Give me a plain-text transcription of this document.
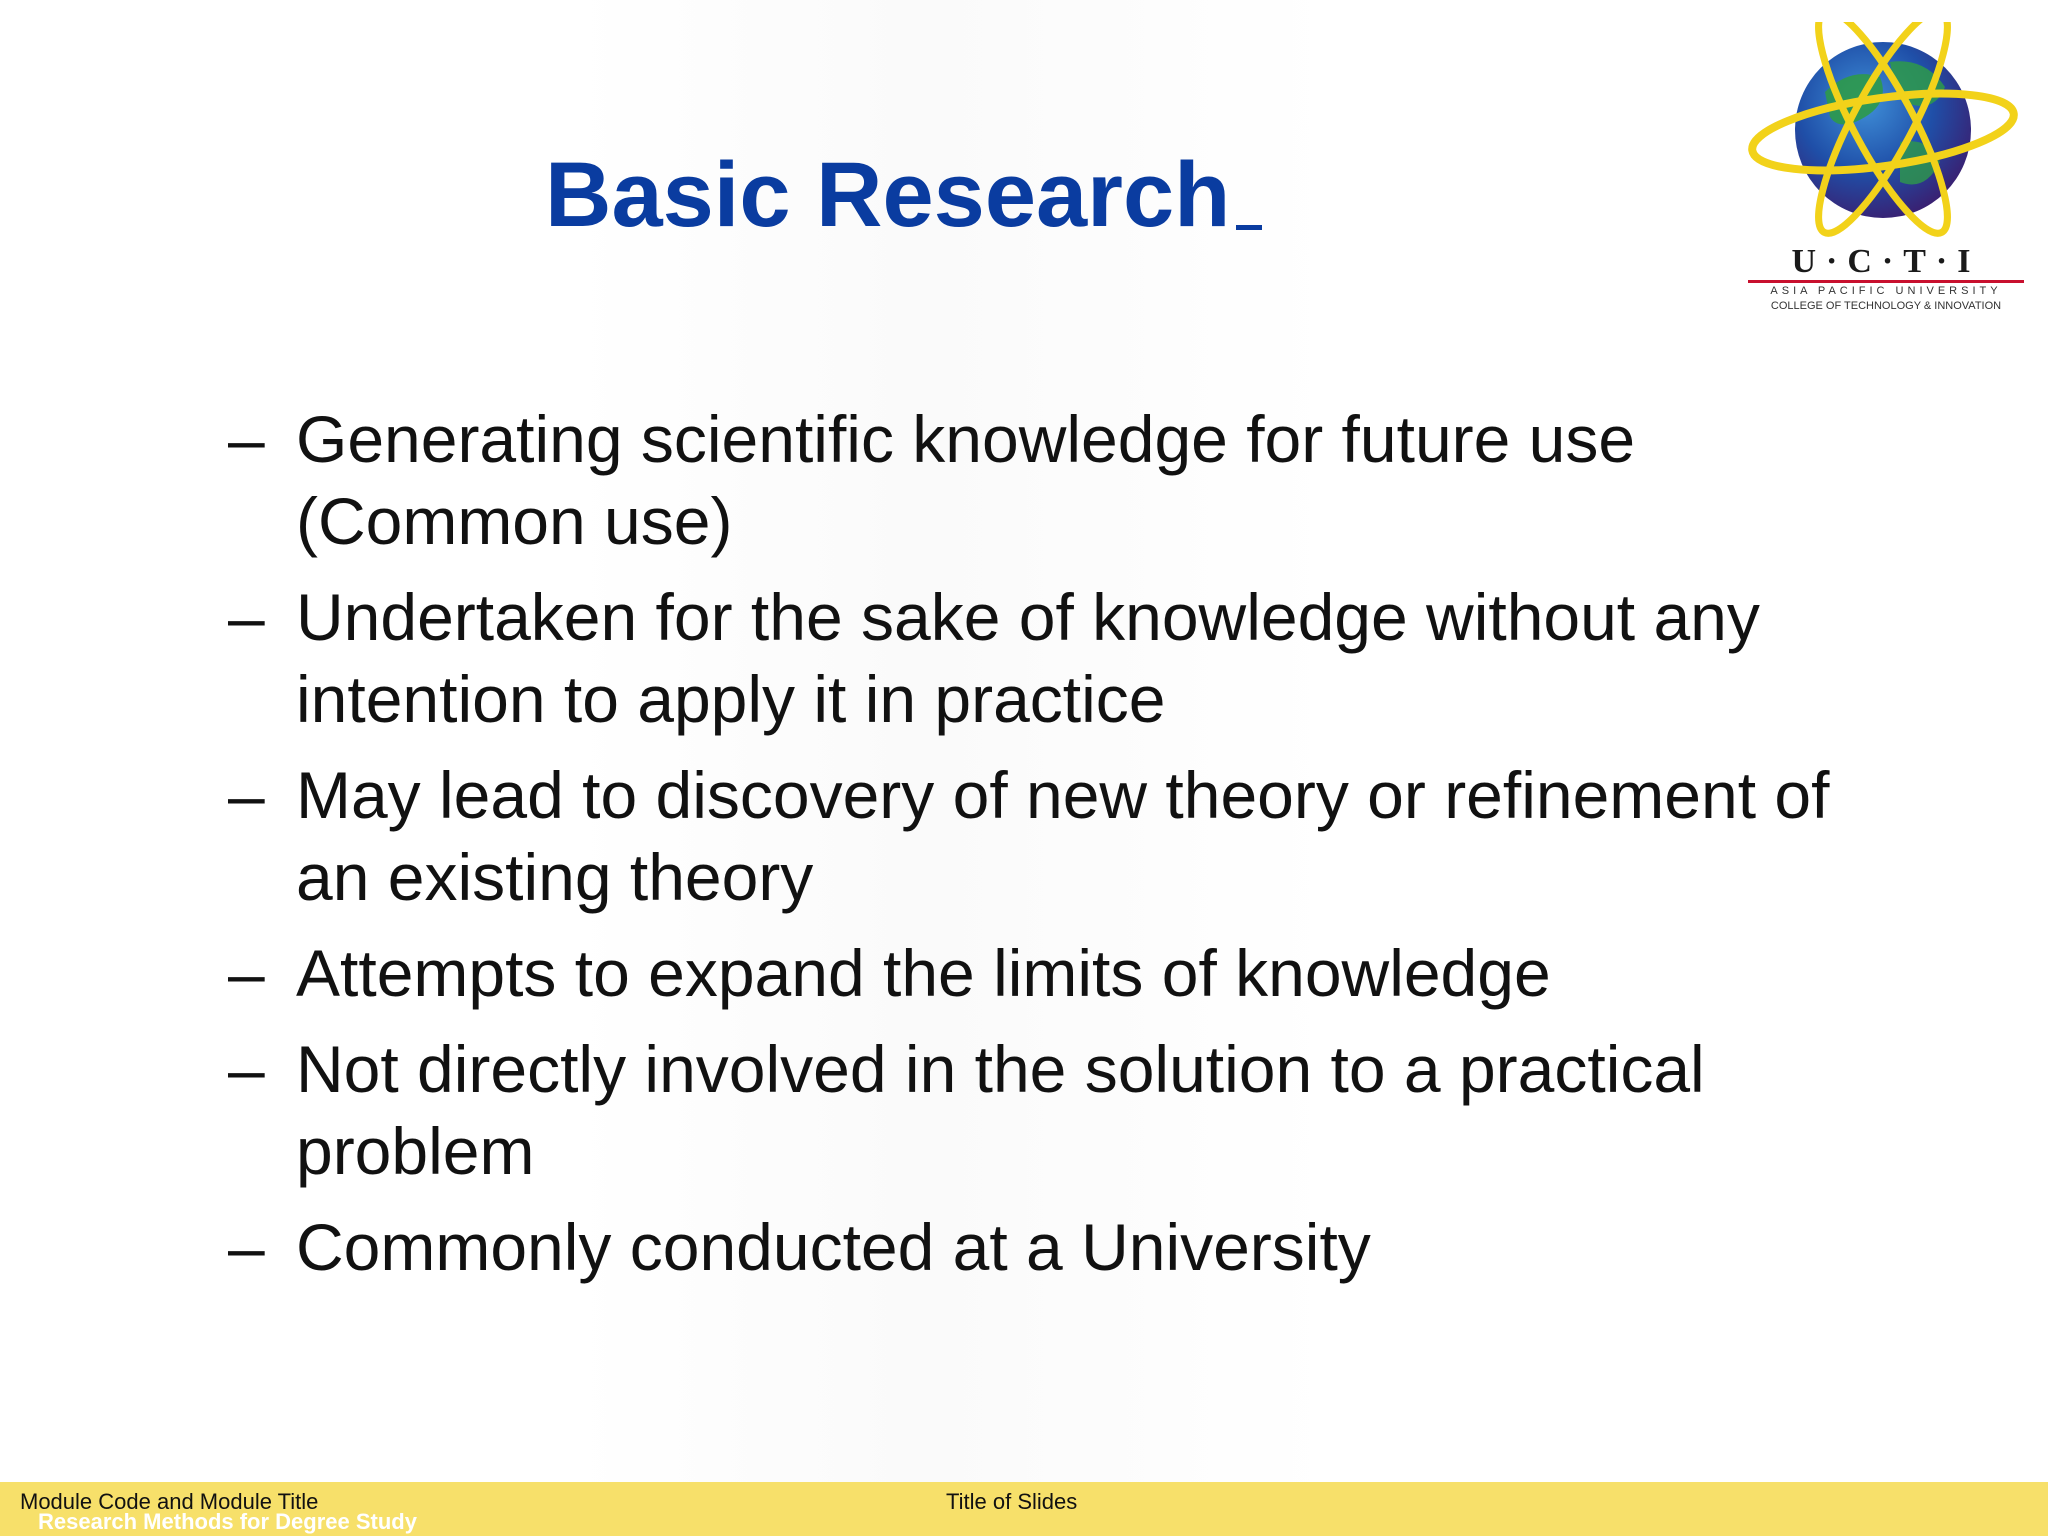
Basic Research
U·C·T·I
ASIA PACIFIC UNIVERSITY
COLLEGE OF TECHNOLOGY & INNOVATION
– Generating scientific knowledge for future use (Common use)
– Undertaken for the sake of knowledge without any intention to apply it in practice
– May lead to discovery of new theory or refinement of an existing theory
– Attempts to expand the limits of knowledge
– Not directly involved in the solution to a practical problem
– Commonly conducted at a University
Module Code and Module Title
Research Methods for Degree Study
Title of Slides
